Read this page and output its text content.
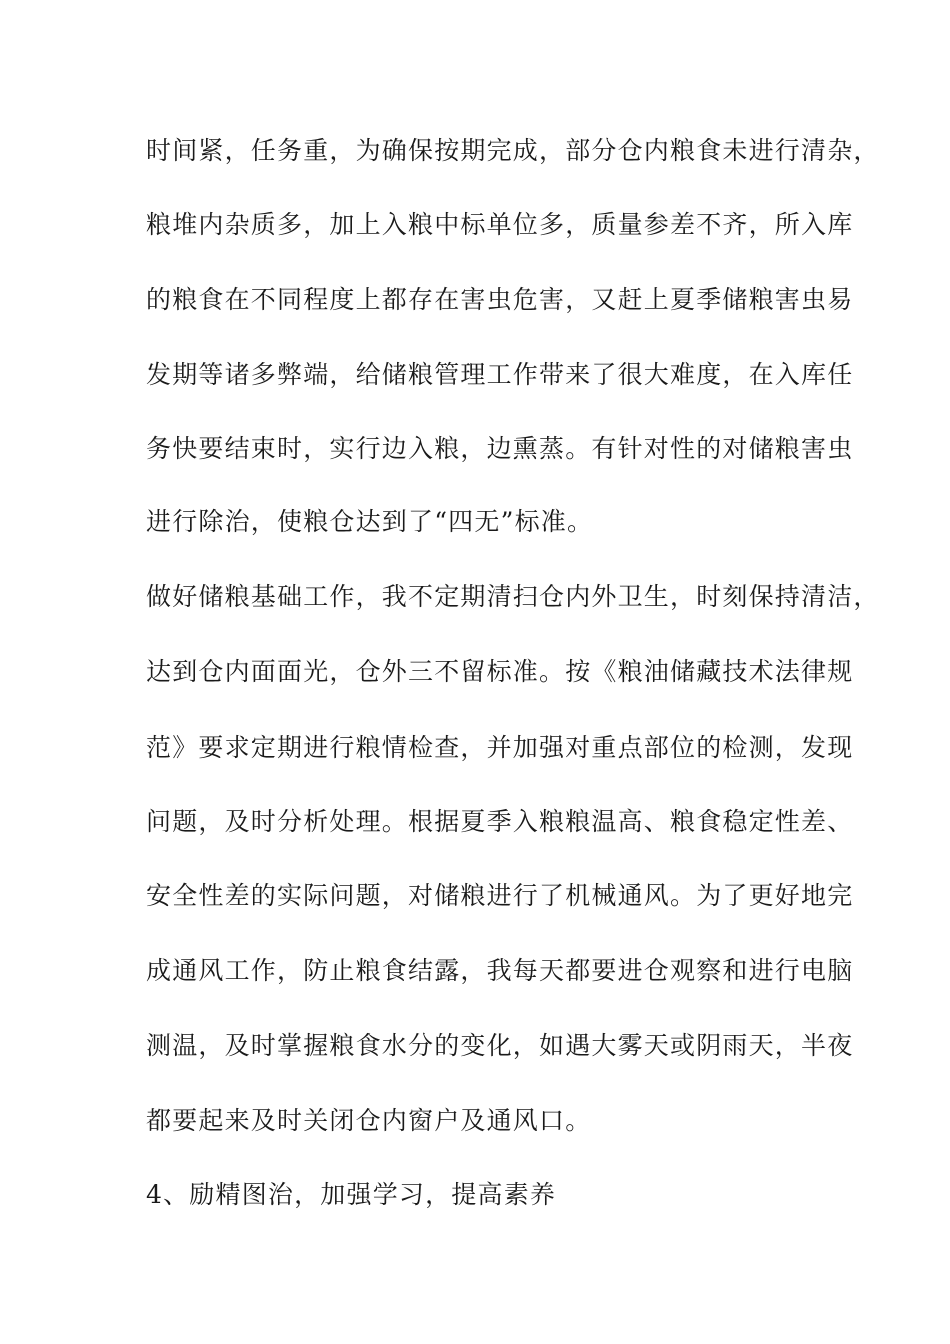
时间紧，任务重，为确保按期完成，部分仓内粮食未进行清杂，
粮堆内杂质多，加上入粮中标单位多，质量参差不齐，所入库
的粮食在不同程度上都存在害虫危害，又赶上夏季储粮害虫易
发期等诸多弊端，给储粮管理工作带来了很大难度，在入库任
务快要结束时，实行边入粮，边熏蒸。有针对性的对储粮害虫
进行除治，使粮仓达到了“四无”标准。
做好储粮基础工作，我不定期清扫仓内外卫生，时刻保持清洁，
达到仓内面面光，仓外三不留标准。按《粮油储藏技术法律规
范》要求定期进行粮情检查，并加强对重点部位的检测，发现
问题，及时分析处理。根据夏季入粮粮温高、粮食稳定性差、
安全性差的实际问题，对储粮进行了机械通风。为了更好地完
成通风工作，防止粮食结露，我每天都要进仓观察和进行电脑
测温，及时掌握粮食水分的变化，如遇大雾天或阴雨天，半夜
都要起来及时关闭仓内窗户及通风口。
4、励精图治，加强学习，提高素养
